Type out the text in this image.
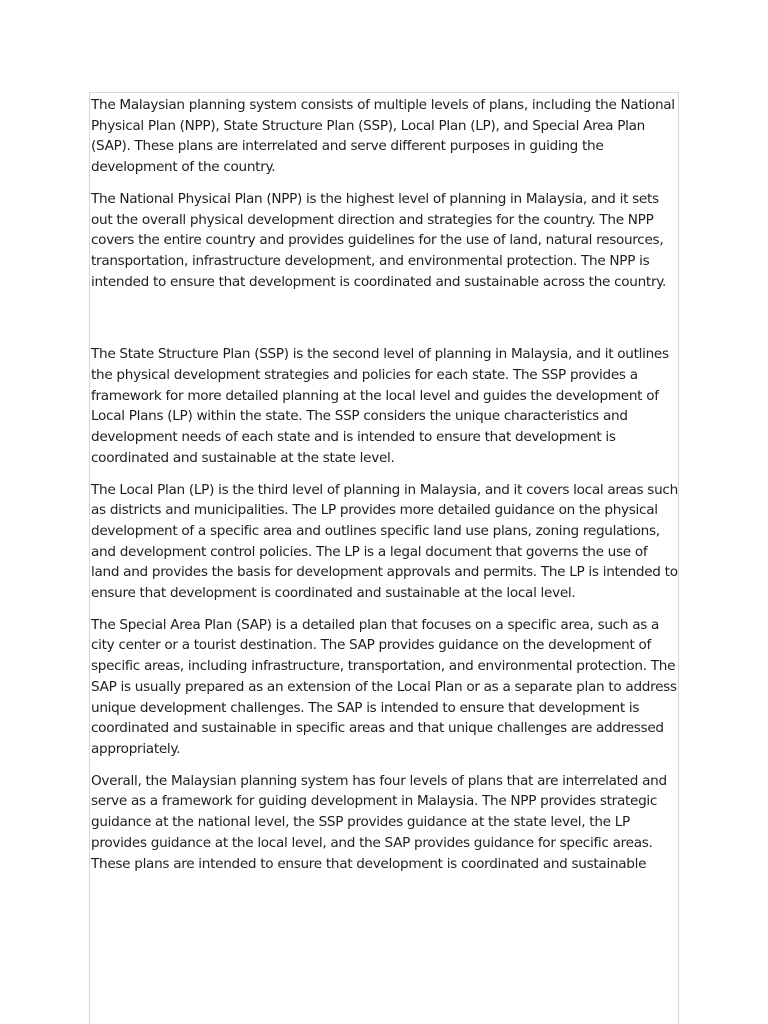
The Malaysian planning system consists of multiple levels of plans, including the National Physical Plan (NPP), State Structure Plan (SSP), Local Plan (LP), and Special Area Plan (SAP). These plans are interrelated and serve different purposes in guiding the development of the country.

The National Physical Plan (NPP) is the highest level of planning in Malaysia, and it sets out the overall physical development direction and strategies for the country. The NPP covers the entire country and provides guidelines for the use of land, natural resources, transportation, infrastructure development, and environmental protection. The NPP is intended to ensure that development is coordinated and sustainable across the country.

The State Structure Plan (SSP) is the second level of planning in Malaysia, and it outlines the physical development strategies and policies for each state. The SSP provides a framework for more detailed planning at the local level and guides the development of Local Plans (LP) within the state. The SSP considers the unique characteristics and development needs of each state and is intended to ensure that development is coordinated and sustainable at the state level.

The Local Plan (LP) is the third level of planning in Malaysia, and it covers local areas such as districts and municipalities. The LP provides more detailed guidance on the physical development of a specific area and outlines specific land use plans, zoning regulations, and development control policies. The LP is a legal document that governs the use of land and provides the basis for development approvals and permits. The LP is intended to ensure that development is coordinated and sustainable at the local level.

The Special Area Plan (SAP) is a detailed plan that focuses on a specific area, such as a city center or a tourist destination. The SAP provides guidance on the development of specific areas, including infrastructure, transportation, and environmental protection. The SAP is usually prepared as an extension of the Local Plan or as a separate plan to address unique development challenges. The SAP is intended to ensure that development is coordinated and sustainable in specific areas and that unique challenges are addressed appropriately.

Overall, the Malaysian planning system has four levels of plans that are interrelated and serve as a framework for guiding development in Malaysia. The NPP provides strategic guidance at the national level, the SSP provides guidance at the state level, the LP provides guidance at the local level, and the SAP provides guidance for specific areas. These plans are intended to ensure that development is coordinated and sustainable
